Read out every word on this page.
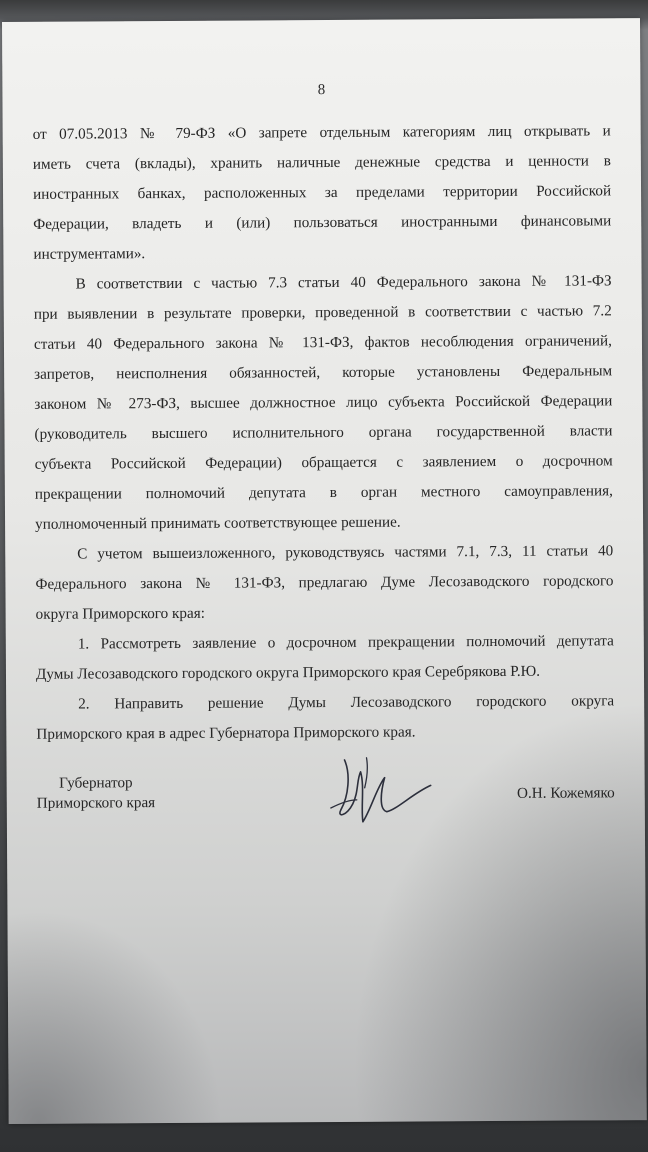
8

от 07.05.2013 № 79-ФЗ «О запрете отдельным категориям лиц открывать и

иметь счета (вклады), хранить наличные денежные средства и ценности в

иностранных банках, расположенных за пределами территории Российской

Федерации, владеть и (или) пользоваться иностранными финансовыми

инструментами».

В соответствии с частью 7.3 статьи 40 Федерального закона № 131-ФЗ

при выявлении в результате проверки, проведенной в соответствии с частью 7.2

статьи 40 Федерального закона № 131-ФЗ, фактов несоблюдения ограничений,

запретов, неисполнения обязанностей, которые установлены Федеральным

законом № 273-ФЗ, высшее должностное лицо субъекта Российской Федерации

(руководитель высшего исполнительного органа государственной власти

субъекта Российской Федерации) обращается с заявлением о досрочном

прекращении полномочий депутата в орган местного самоуправления,

уполномоченный принимать соответствующее решение.

С учетом вышеизложенного, руководствуясь частями 7.1, 7.3, 11 статьи 40

Федерального закона № 131-ФЗ, предлагаю Думе Лесозаводского городского

округа Приморского края:

1. Рассмотреть заявление о досрочном прекращении полномочий депутата

Думы Лесозаводского городского округа Приморского края Серебрякова Р.Ю.

2. Направить решение Думы Лесозаводского городского округа

Приморского края в адрес Губернатора Приморского края.

Губернатор
Приморского края
О.Н. Кожемяко
